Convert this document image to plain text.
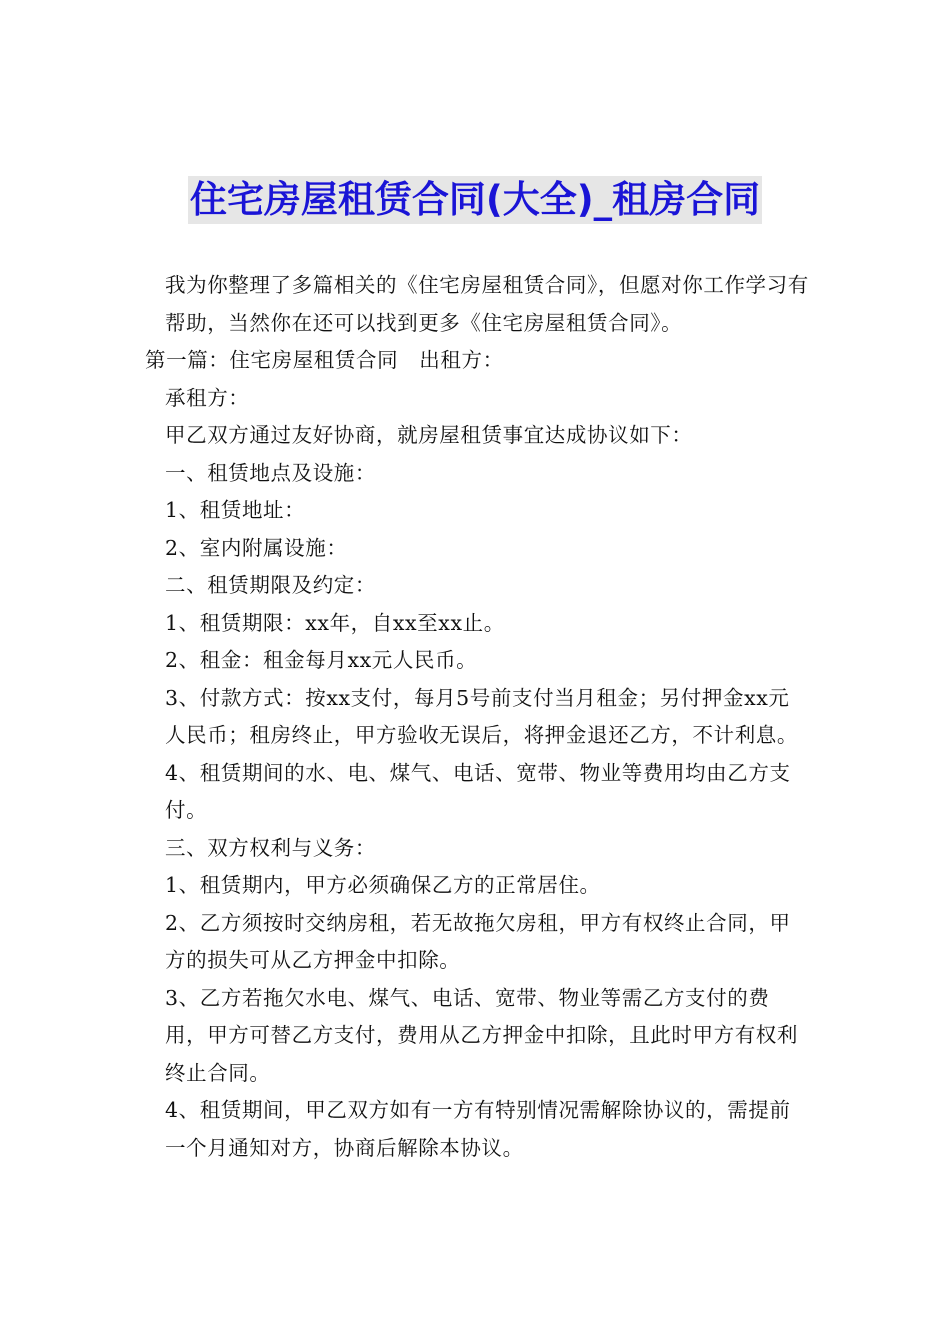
住宅房屋租赁合同(大全)_租房合同

我为你整理了多篇相关的《住宅房屋租赁合同》，但愿对你工作学习有帮助，当然你在还可以找到更多《住宅房屋租赁合同》。

第一篇：住宅房屋租赁合同　出租方：

承租方：

甲乙双方通过友好协商，就房屋租赁事宜达成协议如下：

一、租赁地点及设施：

1、租赁地址：

2、室内附属设施：

二、租赁期限及约定：

1、租赁期限：xx年，自xx至xx止。

2、租金：租金每月xx元人民币。

3、付款方式：按xx支付，每月5号前支付当月租金；另付押金xx元人民币；租房终止，甲方验收无误后，将押金退还乙方，不计利息。

4、租赁期间的水、电、煤气、电话、宽带、物业等费用均由乙方支付。

三、双方权利与义务：

1、租赁期内，甲方必须确保乙方的正常居住。

2、乙方须按时交纳房租，若无故拖欠房租，甲方有权终止合同，甲方的损失可从乙方押金中扣除。

3、乙方若拖欠水电、煤气、电话、宽带、物业等需乙方支付的费用，甲方可替乙方支付，费用从乙方押金中扣除，且此时甲方有权利终止合同。

4、租赁期间，甲乙双方如有一方有特别情况需解除协议的，需提前一个月通知对方，协商后解除本协议。
